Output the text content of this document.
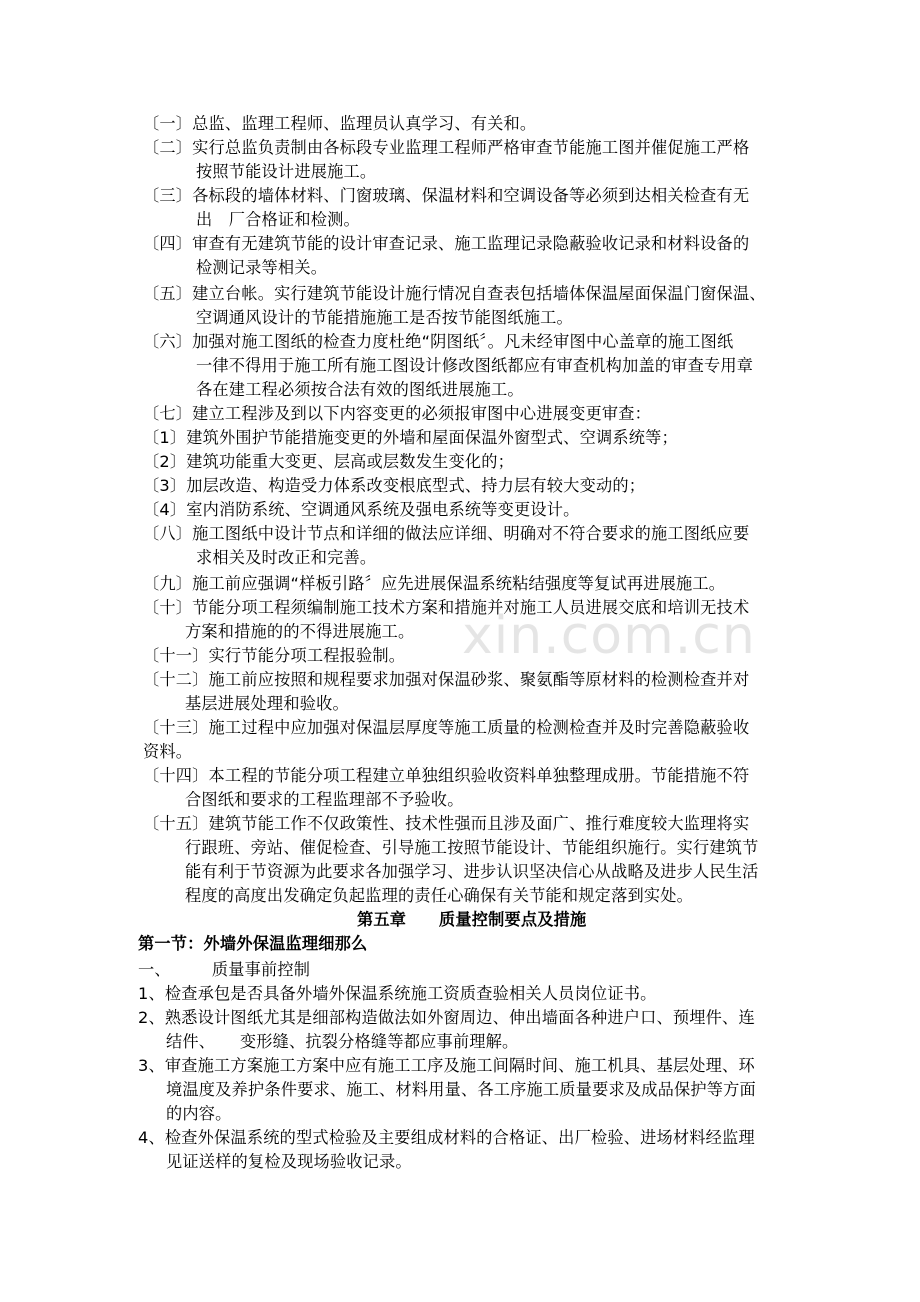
xin.com.cn
〔一〕总监、监理工程师、监理员认真学习、有关和。
〔二〕实行总监负责制由各标段专业监理工程师严格审查节能施工图并催促施工严格
按照节能设计进展施工。
〔三〕各标段的墙体材料、门窗玻璃、保温材料和空调设备等必须到达相关检查有无
出　厂合格证和检测。
〔四〕审查有无建筑节能的设计审查记录、施工监理记录隐蔽验收记录和材料设备的
检测记录等相关。
〔五〕建立台帐。实行建筑节能设计施行情况自查表包括墙体保温屋面保温门窗保温、
空调通风设计的节能措施施工是否按节能图纸施工。
〔六〕加强对施工图纸的检查力度杜绝“阴图纸〞。凡未经审图中心盖章的施工图纸
一律不得用于施工所有施工图设计修改图纸都应有审查机构加盖的审查专用章
各在建工程必须按合法有效的图纸进展施工。
〔七〕建立工程涉及到以下内容变更的必须报审图中心进展变更审查：
〔1〕建筑外围护节能措施变更的外墙和屋面保温外窗型式、空调系统等；
〔2〕建筑功能重大变更、层高或层数发生变化的；
〔3〕加层改造、构造受力体系改变根底型式、持力层有较大变动的；
〔4〕室内消防系统、空调通风系统及强电系统等变更设计。
〔八〕施工图纸中设计节点和详细的做法应详细、明确对不符合要求的施工图纸应要
求相关及时改正和完善。
〔九〕施工前应强调“样板引路〞应先进展保温系统粘结强度等复试再进展施工。
〔十〕节能分项工程须编制施工技术方案和措施并对施工人员进展交底和培训无技术
方案和措施的的不得进展施工。
〔十一〕实行节能分项工程报验制。
〔十二〕施工前应按照和规程要求加强对保温砂浆、聚氨酯等原材料的检测检查并对
基层进展处理和验收。
〔十三〕施工过程中应加强对保温层厚度等施工质量的检测检查并及时完善隐蔽验收
资料。
〔十四〕本工程的节能分项工程建立单独组织验收资料单独整理成册。节能措施不符
合图纸和要求的工程监理部不予验收。
〔十五〕建筑节能工作不仅政策性、技术性强而且涉及面广、推行难度较大监理将实
行跟班、旁站、催促检查、引导施工按照节能设计、节能组织施行。实行建筑节
能有利于节资源为此要求各加强学习、进步认识坚决信心从战略及进步人民生活
程度的高度出发确定负起监理的责任心确保有关节能和规定落到实处。
第五章　　质量控制要点及措施
第一节：外墙外保温监理细那么
一、　　　质量事前控制
1、检查承包是否具备外墙外保温系统施工资质查验相关人员岗位证书。
2、熟悉设计图纸尤其是细部构造做法如外窗周边、伸出墙面各种进户口、预埋件、连
结件、　　变形缝、抗裂分格缝等都应事前理解。
3、审查施工方案施工方案中应有施工工序及施工间隔时间、施工机具、基层处理、环
境温度及养护条件要求、施工、材料用量、各工序施工质量要求及成品保护等方面
的内容。
4、检查外保温系统的型式检验及主要组成材料的合格证、出厂检验、进场材料经监理
见证送样的复检及现场验收记录。
